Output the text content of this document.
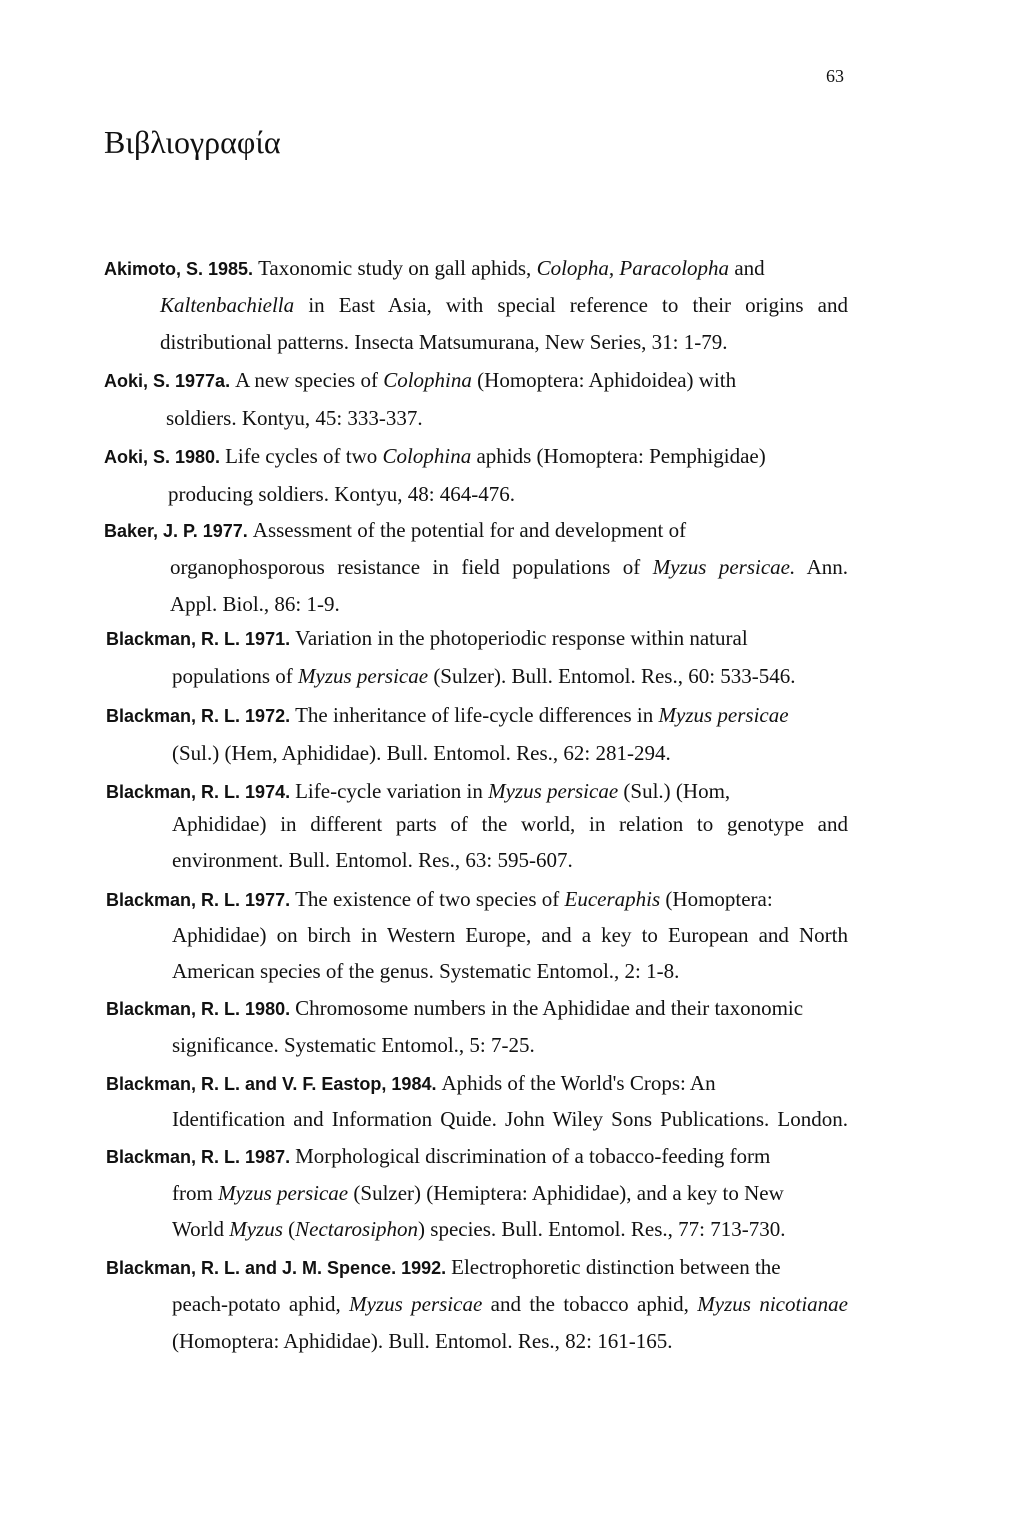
63
Βιβλιογραφία
Akimoto, S. 1985. Taxonomic study on gall aphids, Colopha, Paracolopha and
Kaltenbachiella in East Asia, with special reference to their origins and
distributional patterns. Insecta Matsumurana, New Series, 31: 1-79.
Aoki, S. 1977a. A new species of Colophina (Homoptera: Aphidoidea) with
soldiers. Kontyu, 45: 333-337.
Aoki, S. 1980. Life cycles of two Colophina aphids (Homoptera: Pemphigidae)
producing soldiers. Kontyu, 48: 464-476.
Baker, J. P. 1977. Assessment of the potential for and development of
organophosporous resistance in field populations of Myzus persicae. Ann.
Appl. Biol., 86: 1-9.
Blackman, R. L. 1971. Variation in the photoperiodic response within natural
populations of Myzus persicae (Sulzer). Bull. Entomol. Res., 60: 533-546.
Blackman, R. L. 1972. The inheritance of life-cycle differences in Myzus persicae
(Sul.) (Hem, Aphididae). Bull. Entomol. Res., 62: 281-294.
Blackman, R. L. 1974. Life-cycle variation in Myzus persicae (Sul.) (Hom,
Aphididae) in different parts of the world, in relation to genotype and
environment. Bull. Entomol. Res., 63: 595-607.
Blackman, R. L. 1977. The existence of two species of Euceraphis (Homoptera:
Aphididae) on birch in Western Europe, and a key to European and North
American species of the genus. Systematic Entomol., 2: 1-8.
Blackman, R. L. 1980. Chromosome numbers in the Aphididae and their taxonomic
significance. Systematic Entomol., 5: 7-25.
Blackman, R. L. and V. F. Eastop, 1984. Aphids of the World's Crops: An
Identification and Information Quide. John Wiley Sons Publications. London.
Blackman, R. L. 1987. Morphological discrimination of a tobacco-feeding form
from Myzus persicae (Sulzer) (Hemiptera: Aphididae), and a key to New
World Myzus (Nectarosiphon) species. Bull. Entomol. Res., 77: 713-730.
Blackman, R. L. and J. M. Spence. 1992. Electrophoretic distinction between the
peach-potato aphid, Myzus persicae and the tobacco aphid, Myzus nicotianae
(Homoptera: Aphididae). Bull. Entomol. Res., 82: 161-165.
